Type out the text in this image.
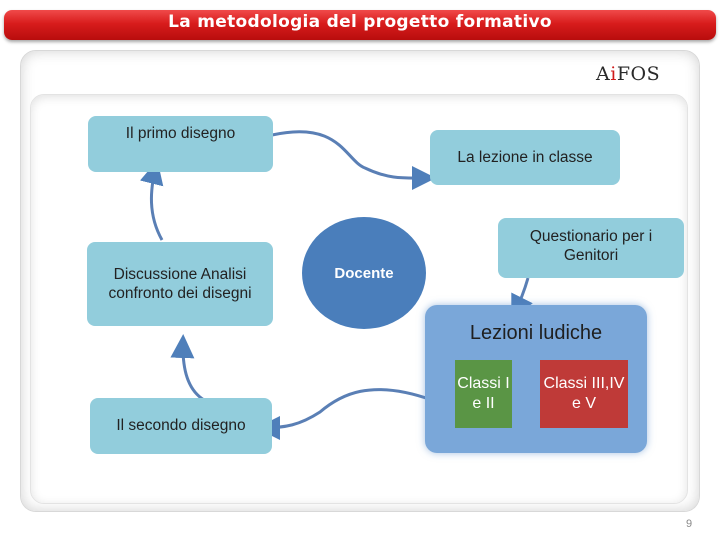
La metodologia del progetto formativo
AiFOS
Il primo disegno
La lezione in classe
Discussione Analisi confronto dei disegni
Docente
Questionario per i Genitori
Lezioni ludiche
Classi I e II
Classi III,IV e V
Il secondo disegno
9
